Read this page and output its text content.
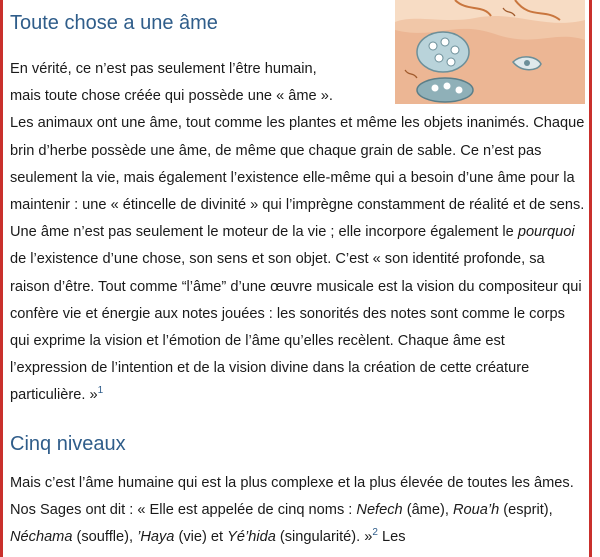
Toute chose a une âme

En vérité, ce n’est pas seulement l’être humain,
mais toute chose créée qui possède une « âme ».
Les animaux ont une âme, tout comme les plantes et même les objets inanimés. Chaque brin d’herbe possède une âme, de même que chaque grain de sable. Ce n’est pas seulement la vie, mais également l’existence elle-même qui a besoin d’une âme pour la maintenir : une « étincelle de divinité » qui l’imprègne constamment de réalité et de sens. Une âme n’est pas seulement le moteur de la vie ; elle incorpore également le pourquoi de l’existence d’une chose, son sens et son objet. C’est « son identité profonde, sa raison d’être. Tout comme “l’âme” d’une œuvre musicale est la vision du compositeur qui confère vie et énergie aux notes jouées : les sonorités des notes sont comme le corps qui exprime la vision et l’émotion de l’âme qu’elles recèlent. Chaque âme est l’expression de l’intention et de la vision divine dans la création de cette créature particulière. »$^1$

Cinq niveaux

Mais c’est l’âme humaine qui est la plus complexe et la plus élevée de toutes les âmes. Nos Sages ont dit : « Elle est appelée de cinq noms : Nefech (âme), Roua’h (esprit), Néchama (souffle), ’Haya (vie) et Yé’hida (singularité). »$^2$ Les
